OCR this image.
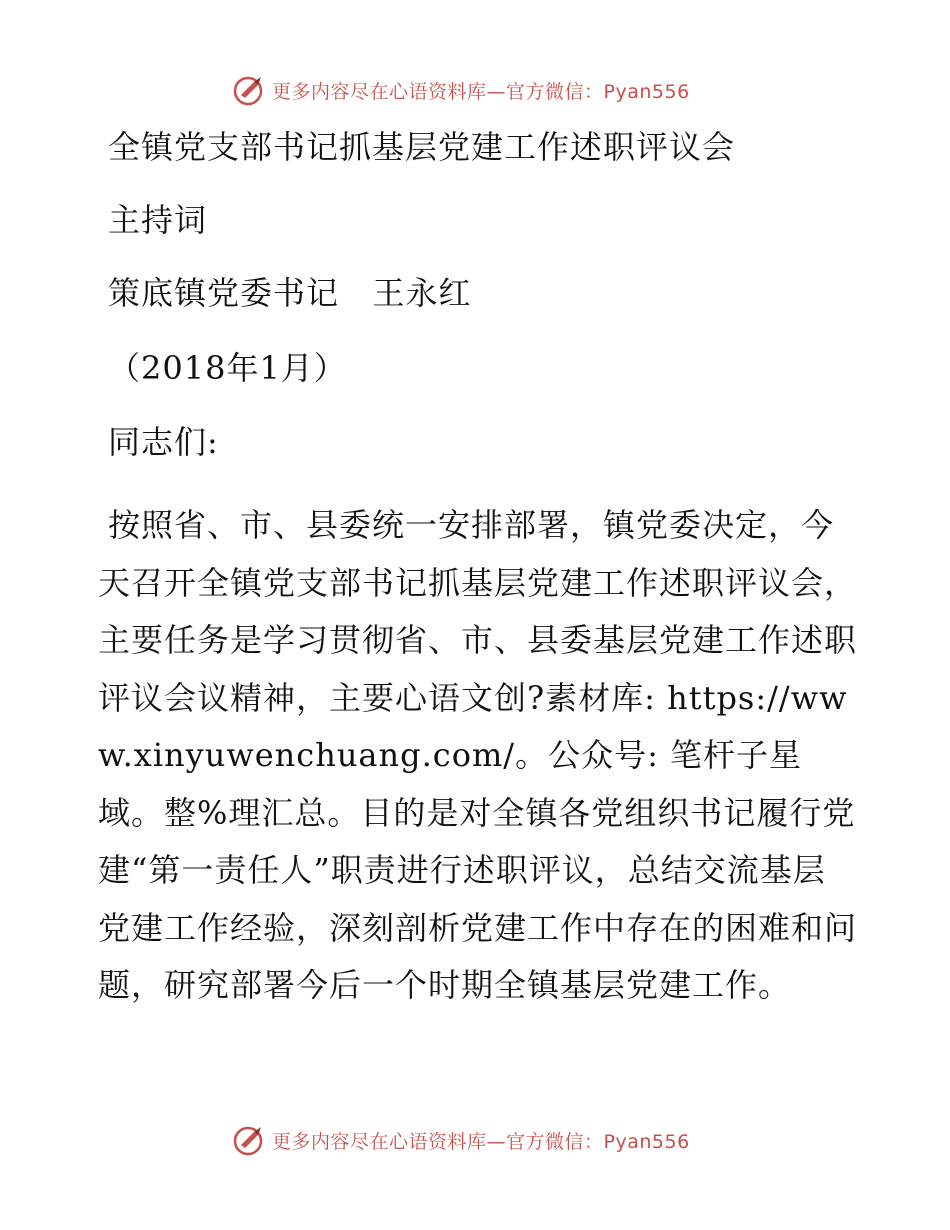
更多内容尽在心语资料库—官方微信：Pyan556
全镇党支部书记抓基层党建工作述职评议会
主持词
策底镇党委书记   王永红
（2018年1月）
同志们:
按照省、市、县委统一安排部署，镇党委决定，今天召开全镇党支部书记抓基层党建工作述职评议会，主要任务是学习贯彻省、市、县委基层党建工作述职评议会议精神，主要心语文创?素材库: https://www.xinyuwenchuang.com/。公众号: 笔杆子星域。整%理汇总。目的是对全镇各党组织书记履行党建“第一责任人”职责进行述职评议，总结交流基层党建工作经验，深刻剖析党建工作中存在的困难和问题，研究部署今后一个时期全镇基层党建工作。
更多内容尽在心语资料库—官方微信：Pyan556
